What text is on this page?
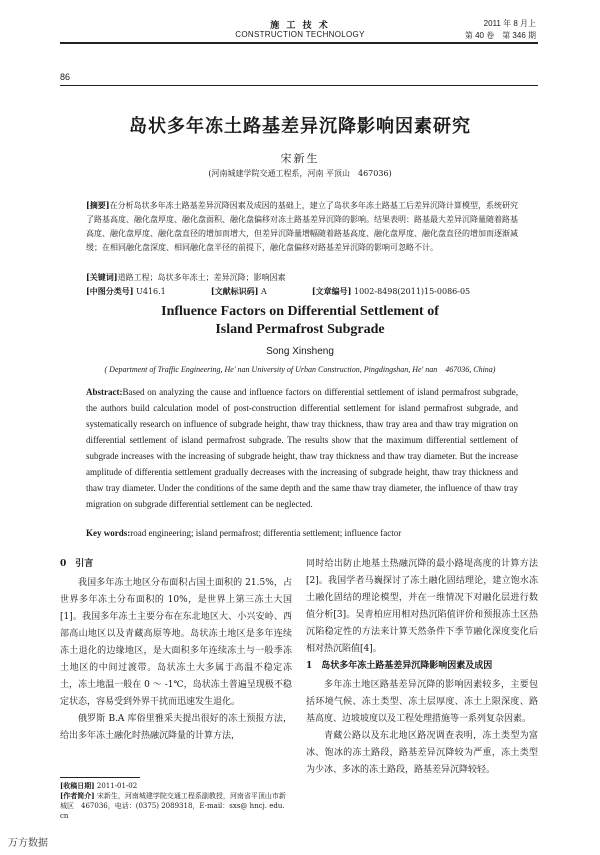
施 工 技 术
CONSTRUCTION TECHNOLOGY
2011 年 8 月上
第 40 卷　第 346 期
86
岛状多年冻土路基差异沉降影响因素研究
宋新生
(河南城建学院交通工程系，河南 平顶山　467036)
[摘要]在分析岛状多年冻土路基差异沉降因素及成因的基础上，建立了岛状多年冻土路基工后差异沉降计算模型，系统研究了路基高度、融化盘厚度、融化盘面积、融化盘偏移对冻土路基差异沉降的影响。结果表明：路基最大差异沉降量随着路基高度、融化盘厚度、融化盘直径的增加而增大，但差异沉降量增幅随着路基高度、融化盘厚度、融化盘直径的增加而逐渐减缓；在相同融化盘深度、相同融化盘半径的前提下，融化盘偏移对路基差异沉降的影响可忽略不计。
[关键词]道路工程；岛状多年冻土；差异沉降；影响因素
[中图分类号] U416.1	[文献标识码] A	[文章编号] 1002-8498(2011)15-0086-05
Influence Factors on Differential Settlement of
Island Permafrost Subgrade
Song Xinsheng
( Department of Traffic Engineering, He' nan University of Urban Construction, Pingdingshan, He' nan　467036, China)
Abstract:Based on analyzing the cause and influence factors on differential settlement of island permafrost subgrade, the authors build calculation model of post-construction differential settlement for island permafrost subgrade, and systematically research on influence of subgrade height, thaw tray thickness, thaw tray area and thaw tray migration on differential settlement of island permafrost subgrade. The results show that the maximum differential settlement of subgrade increases with the increasing of subgrade height, thaw tray thickness and thaw tray diameter. But the increase amplitude of differentia settlement gradually decreases with the increasing of subgrade height, thaw tray thickness and thaw tray diameter. Under the conditions of the same depth and the same thaw tray diameter, the influence of thaw tray migration on subgrade differential settlement can be neglected.
Key words:road engineering; island permafrost; differentia settlement; influence factor

0　引言

我国多年冻土地区分布面积占国土面积的 21.5%，占世界多年冻土分布面积的 10%，是世界上第三冻土大国[1]。我国多年冻土主要分布在东北地区大、小兴安岭、西部高山地区以及青藏高原等地。岛状冻土地区是多年连续冻土退化的边缘地区，是大面积多年连续冻土与一般季冻土地区的中间过渡带。岛状冻土大多属于高温不稳定冻土，冻土地温一般在 0 ～ -1℃，岛状冻土普遍呈现极不稳定状态，容易受到外界干扰而迅速发生退化。

俄罗斯 B.A 库俗里雅采夫提出很好的冻土预报方法，给出多年冻土融化时热融沉降量的计算方法，

同时给出防止地基土热融沉降的最小路堤高度的计算方法[2]。我国学者马巍探讨了冻土融化固结理论，建立饱水冻土融化固结的理论模型，并在一维情况下对融化层进行数值分析[3]。吴青柏应用相对热沉陷值评价和预报冻土区热沉陷稳定性的方法来计算天然条件下季节融化深度变化后相对热沉陷值[4]。

1　岛状多年冻土路基差异沉降影响因素及成因

多年冻土地区路基差异沉降的影响因素较多，主要包括环境气候、冻土类型、冻土层厚度、冻土上限深度、路基高度、边坡坡度以及工程处理措施等一系列复杂因素。

青藏公路以及东北地区路况调查表明，冻土类型为富冰、饱冰的冻土路段，路基差异沉降较为严重，冻土类型为少冰、多冰的冻土路段，路基差异沉降较轻。

[收稿日期] 2011-01-02
[作者简介] 宋新生，河南城建学院交通工程系副教授，河南省平顶山市新城区　467036，电话：(0375) 2089318，E-mail：sxs@ hncj. edu. cn
万方数据
